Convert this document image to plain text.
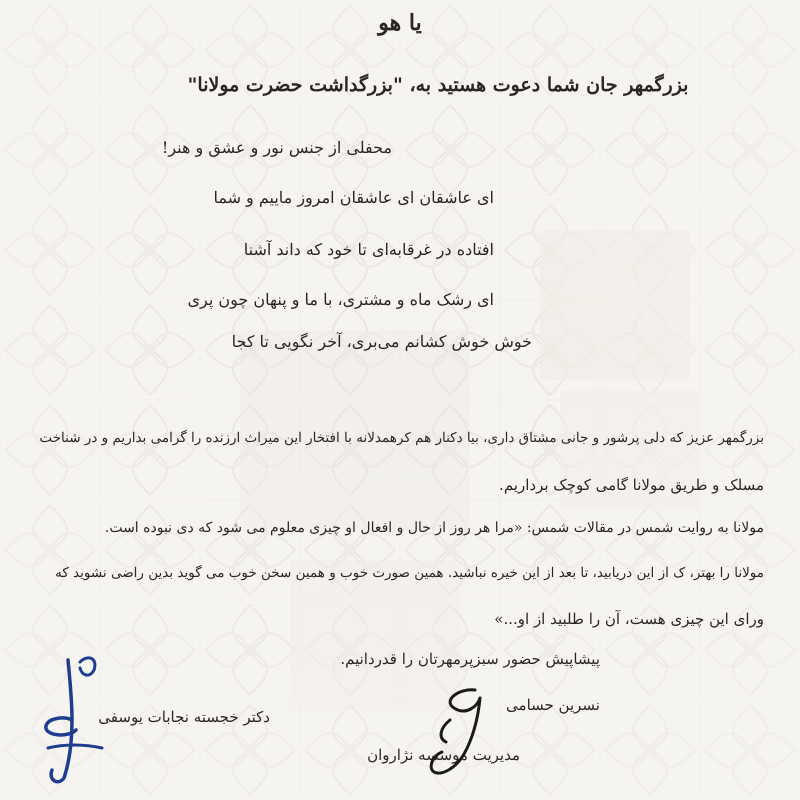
یا هو
بزرگمهر جان شما دعوت هستید به، "بزرگداشت حضرت مولانا"
محفلی از جنس نور و عشق و هنر!
ای عاشقان ای عاشقان امروز ماییم و شما
افتاده در غرقابه‌ای تا خود که داند آشنا
ای رشک ماه و مشتری، با ما و پنهان چون پری
خوش خوش کشانم می‌بری، آخر نگویی تا کجا
بزرگمهر عزیز که دلی پرشور و جانی مشتاق داری، بیا دکنار هم کرهمدلانه با افتخار این میراث ارزنده را گرامی بداریم و در شناخت
مسلک و طریق مولانا گامی کوچک برداریم.
مولانا به روایت شمس در مقالات شمس: «مرا هر روز از حال و افعال او چیزی معلوم می شود که دی نبوده است.
مولانا را بهتر، ک از این دریابید، تا بعد از این خیره نباشید. همین صورت خوب و همین سخن خوب می گوید بدین راضی نشوید که
ورای این چیزی هست، آن را طلبید از او...»
پیشاپیش حضور سبزپرمهرتان را قدردانیم.
نسرین حسامی
مدیریت موسسه نژاروان
دکتر خجسته نجابات یوسفی
